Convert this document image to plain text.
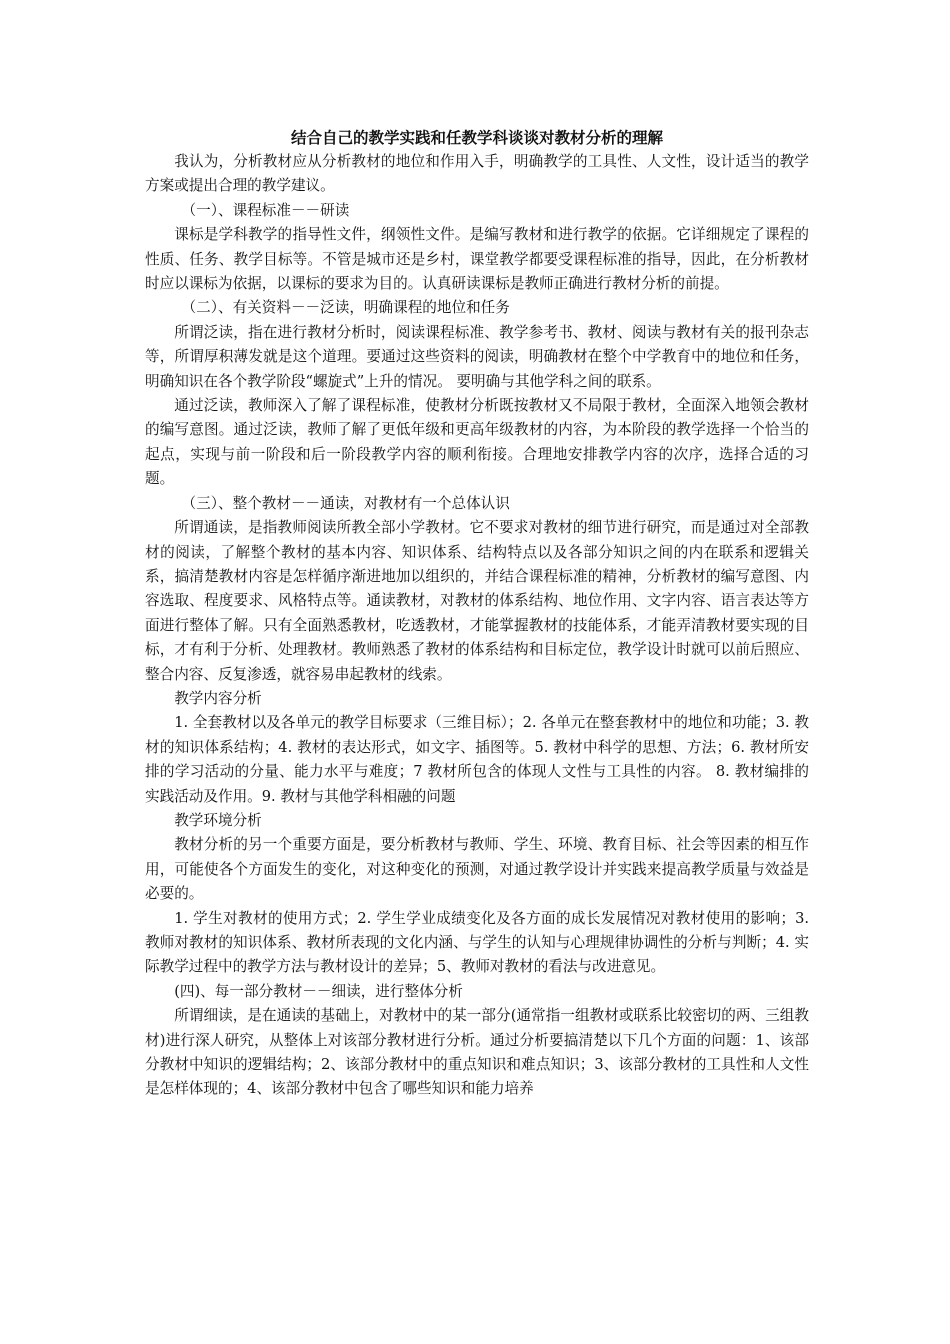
结合自己的教学实践和任教学科谈谈对教材分析的理解

我认为，分析教材应从分析教材的地位和作用入手，明确教学的工具性、人文性，设计适当的教学方案或提出合理的教学建议。

（一）、课程标准－－研读

课标是学科教学的指导性文件，纲领性文件。是编写教材和进行教学的依据。它详细规定了课程的性质、任务、教学目标等。不管是城市还是乡村，课堂教学都要受课程标准的指导，因此，在分析教材时应以课标为依据，以课标的要求为目的。认真研读课标是教师正确进行教材分析的前提。

（二）、有关资料－－泛读，明确课程的地位和任务

所谓泛读，指在进行教材分析时，阅读课程标准、教学参考书、教材、阅读与教材有关的报刊杂志等，所谓厚积薄发就是这个道理。要通过这些资料的阅读，明确教材在整个中学教育中的地位和任务，明确知识在各个教学阶段“螺旋式”上升的情况。 要明确与其他学科之间的联系。

通过泛读，教师深入了解了课程标准，使教材分析既按教材又不局限于教材，全面深入地领会教材的编写意图。通过泛读，教师了解了更低年级和更高年级教材的内容，为本阶段的教学选择一个恰当的起点，实现与前一阶段和后一阶段教学内容的顺利衔接。合理地安排教学内容的次序，选择合适的习题。

（三）、整个教材－－通读，对教材有一个总体认识

所谓通读，是指教师阅读所教全部小学教材。它不要求对教材的细节进行研究，而是通过对全部教材的阅读，了解整个教材的基本内容、知识体系、结构特点以及各部分知识之间的内在联系和逻辑关系，搞清楚教材内容是怎样循序渐进地加以组织的，并结合课程标准的精神，分析教材的编写意图、内容选取、程度要求、风格特点等。通读教材，对教材的体系结构、地位作用、文字内容、语言表达等方面进行整体了解。只有全面熟悉教材，吃透教材，才能掌握教材的技能体系，才能弄清教材要实现的目标，才有利于分析、处理教材。教师熟悉了教材的体系结构和目标定位，教学设计时就可以前后照应、整合内容、反复渗透，就容易串起教材的线索。

教学内容分析

1. 全套教材以及各单元的教学目标要求（三维目标）；2. 各单元在整套教材中的地位和功能；3. 教材的知识体系结构；4. 教材的表达形式，如文字、插图等。5. 教材中科学的思想、方法；6. 教材所安排的学习活动的分量、能力水平与难度；7 教材所包含的体现人文性与工具性的内容。 8. 教材编排的实践活动及作用。9. 教材与其他学科相融的问题

教学环境分析

教材分析的另一个重要方面是，要分析教材与教师、学生、环境、教育目标、社会等因素的相互作用，可能使各个方面发生的变化，对这种变化的预测，对通过教学设计并实践来提高教学质量与效益是必要的。

1. 学生对教材的使用方式；2. 学生学业成绩变化及各方面的成长发展情况对教材使用的影响；3. 教师对教材的知识体系、教材所表现的文化内涵、与学生的认知与心理规律协调性的分析与判断；4. 实际教学过程中的教学方法与教材设计的差异；5、教师对教材的看法与改进意见。

(四)、每一部分教材－－细读，进行整体分析

所谓细读，是在通读的基础上，对教材中的某一部分(通常指一组教材或联系比较密切的两、三组教材)进行深人研究，从整体上对该部分教材进行分析。通过分析要搞清楚以下几个方面的问题：1、该部分教材中知识的逻辑结构；2、该部分教材中的重点知识和难点知识；3、该部分教材的工具性和人文性是怎样体现的；4、该部分教材中包含了哪些知识和能力培养
